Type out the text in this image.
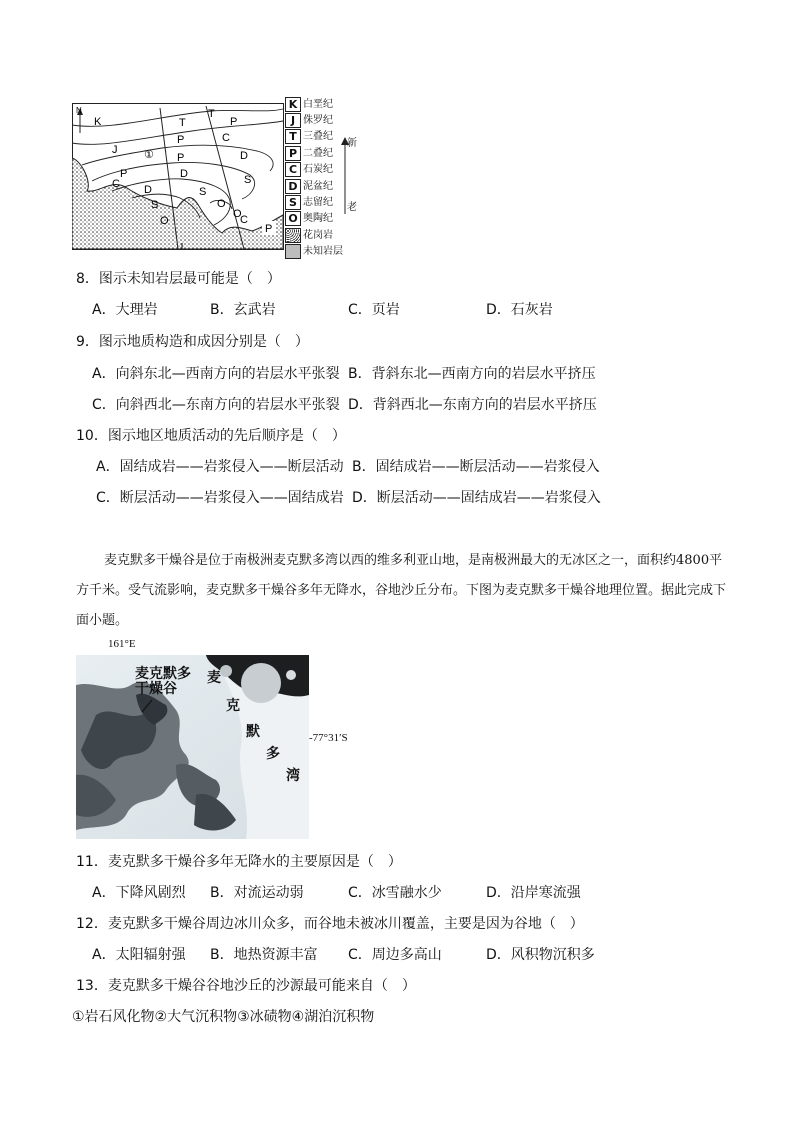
N
K
J
T
T
P
P
P
P
C
C
C
D
D
D
S
S
S
O
O
O
P
①
K 白垩纪
J 侏罗纪
T 三叠纪
P 二叠纪
C 石炭纪
D 泥盆纪
S 志留纪
O 奥陶纪
花岗岩
未知岩层
新
老
8．图示未知岩层最可能是（　）
A．大理岩	B．玄武岩	C．页岩	D．石灰岩
9．图示地质构造和成因分别是（　）
A．向斜东北—西南方向的岩层水平张裂 B．背斜东北—西南方向的岩层水平挤压
C．向斜西北—东南方向的岩层水平张裂 D．背斜西北—东南方向的岩层水平挤压
10．图示地区地质活动的先后顺序是（　）
A．固结成岩——岩浆侵入——断层活动 B．固结成岩——断层活动——岩浆侵入
C．断层活动——岩浆侵入——固结成岩 D．断层活动——固结成岩——岩浆侵入
麦克默多干燥谷是位于南极洲麦克默多湾以西的维多利亚山地，是南极洲最大的无冰区之一，面积约4800平方千米。受气流影响，麦克默多干燥谷多年无降水，谷地沙丘分布。下图为麦克默多干燥谷地理位置。据此完成下面小题。
麦克默多
干燥谷
麦
克
默
多
湾
161°E
-77°31′S
11．麦克默多干燥谷多年无降水的主要原因是（　）
A．下降风剧烈 B．对流运动弱	C．冰雪融水少	D．沿岸寒流强
12．麦克默多干燥谷周边冰川众多，而谷地未被冰川覆盖，主要是因为谷地（　）
A．太阳辐射强 B．地热资源丰富 C．周边多高山	D．风积物沉积多
13．麦克默多干燥谷谷地沙丘的沙源最可能来自（　）
①岩石风化物②大气沉积物③冰碛物④湖泊沉积物
